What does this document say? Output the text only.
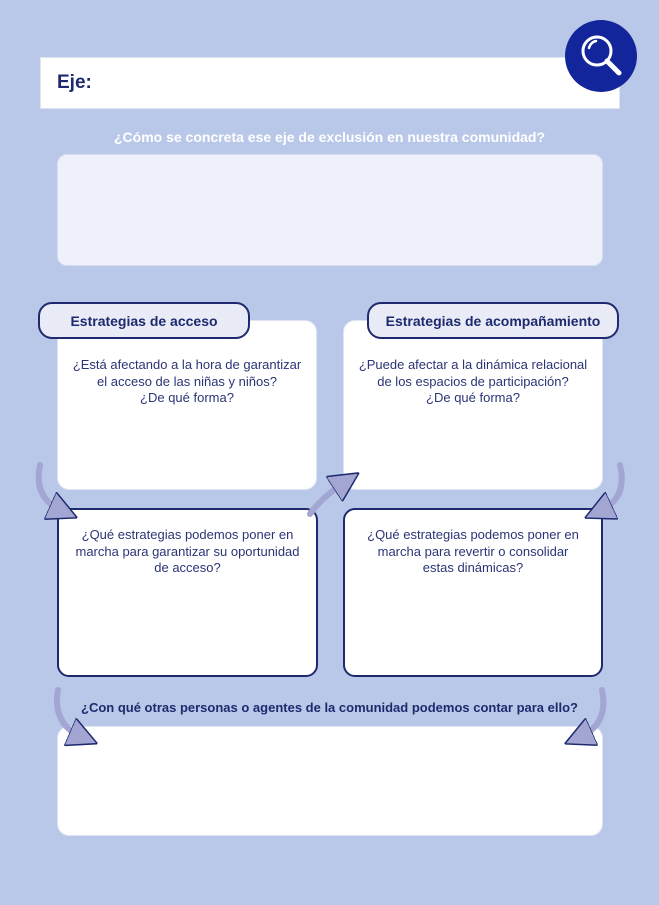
Eje:
¿Cómo se concreta ese eje de exclusión en nuestra comunidad?
¿Está afectando a la hora de garantizar
el acceso de las niñas y niños?
¿De qué forma?
Estrategias de acceso
¿Qué estrategias podemos poner en
marcha para garantizar su oportunidad
de acceso?
¿Puede afectar a la dinámica relacional
de los espacios de participación?
¿De qué forma?
Estrategias de acompañamiento
¿Qué estrategias podemos poner en
marcha para revertir o consolidar
estas dinámicas?
¿Con qué otras personas o agentes de la comunidad podemos contar para ello?
